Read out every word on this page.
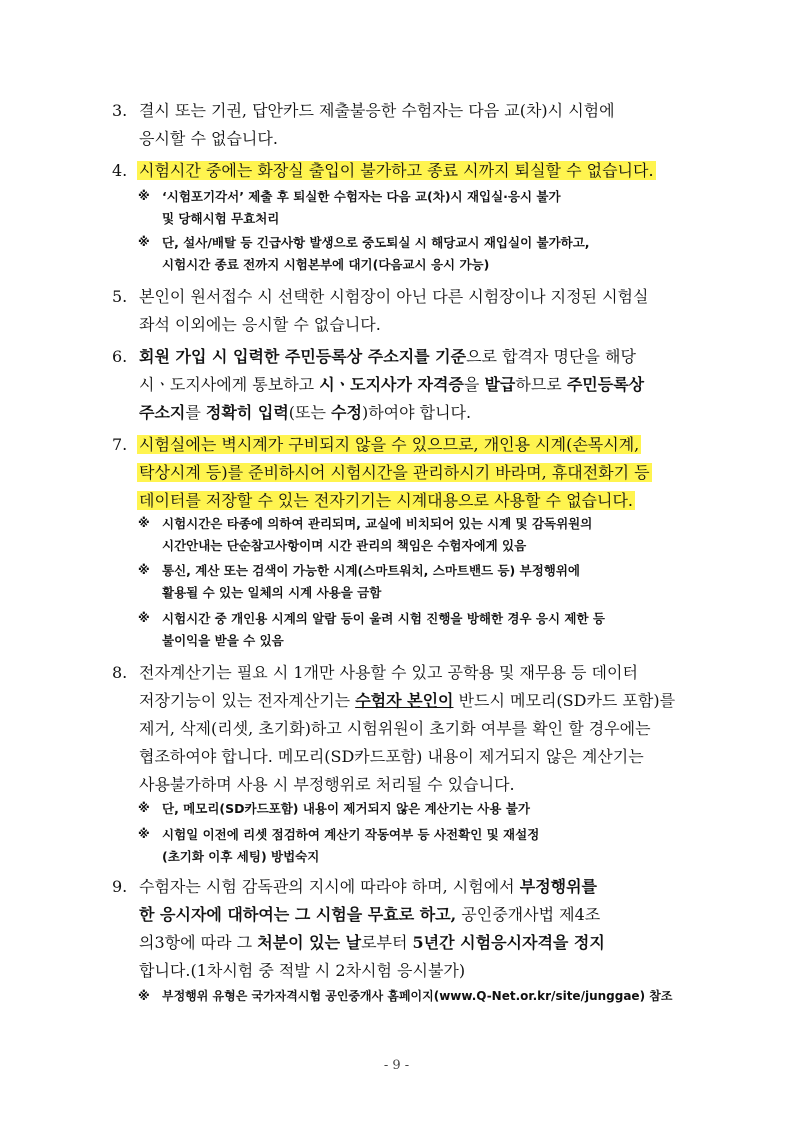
3. 결시 또는 기권, 답안카드 제출불응한 수험자는 다음 교(차)시 시험에
응시할 수 없습니다.
4. 시험시간 중에는 화장실 출입이 불가하고 종료 시까지 퇴실할 수 없습니다.
※ ‘시험포기각서’ 제출 후 퇴실한 수험자는 다음 교(차)시 재입실·응시 불가
및 당해시험 무효처리
※ 단, 설사/배탈 등 긴급사항 발생으로 중도퇴실 시 해당교시 재입실이 불가하고,
시험시간 종료 전까지 시험본부에 대기(다음교시 응시 가능)
5. 본인이 원서접수 시 선택한 시험장이 아닌 다른 시험장이나 지정된 시험실
좌석 이외에는 응시할 수 없습니다.
6. 회원 가입 시 입력한 주민등록상 주소지를 기준으로 합격자 명단을 해당
시ㆍ도지사에게 통보하고 시ㆍ도지사가 자격증을 발급하므로 주민등록상
주소지를 정확히 입력(또는 수정)하여야 합니다.
7. 시험실에는 벽시계가 구비되지 않을 수 있으므로, 개인용 시계(손목시계,
탁상시계 등)를 준비하시어 시험시간을 관리하시기 바라며, 휴대전화기 등
데이터를 저장할 수 있는 전자기기는 시계대용으로 사용할 수 없습니다.
※ 시험시간은 타종에 의하여 관리되며, 교실에 비치되어 있는 시계 및 감독위원의
시간안내는 단순참고사항이며 시간 관리의 책임은 수험자에게 있음
※ 통신, 계산 또는 검색이 가능한 시계(스마트워치, 스마트밴드 등) 부정행위에
활용될 수 있는 일체의 시계 사용을 금함
※ 시험시간 중 개인용 시계의 알람 등이 울려 시험 진행을 방해한 경우 응시 제한 등
불이익을 받을 수 있음
8. 전자계산기는 필요 시 1개만 사용할 수 있고 공학용 및 재무용 등 데이터
저장기능이 있는 전자계산기는 수험자 본인이 반드시 메모리(SD카드 포함)를
제거, 삭제(리셋, 초기화)하고 시험위원이 초기화 여부를 확인 할 경우에는
협조하여야 합니다. 메모리(SD카드포함) 내용이 제거되지 않은 계산기는
사용불가하며 사용 시 부정행위로 처리될 수 있습니다.
※ 단, 메모리(SD카드포함) 내용이 제거되지 않은 계산기는 사용 불가
※ 시험일 이전에 리셋 점검하여 계산기 작동여부 등 사전확인 및 재설정
(초기화 이후 세팅) 방법숙지
9. 수험자는 시험 감독관의 지시에 따라야 하며, 시험에서 부정행위를
한 응시자에 대하여는 그 시험을 무효로 하고, 공인중개사법 제4조
의3항에 따라 그 처분이 있는 날로부터 5년간 시험응시자격을 정지
합니다.(1차시험 중 적발 시 2차시험 응시불가)
※ 부정행위 유형은 국가자격시험 공인중개사 홈페이지(www.Q-Net.or.kr/site/junggae) 참조
- 9 -
